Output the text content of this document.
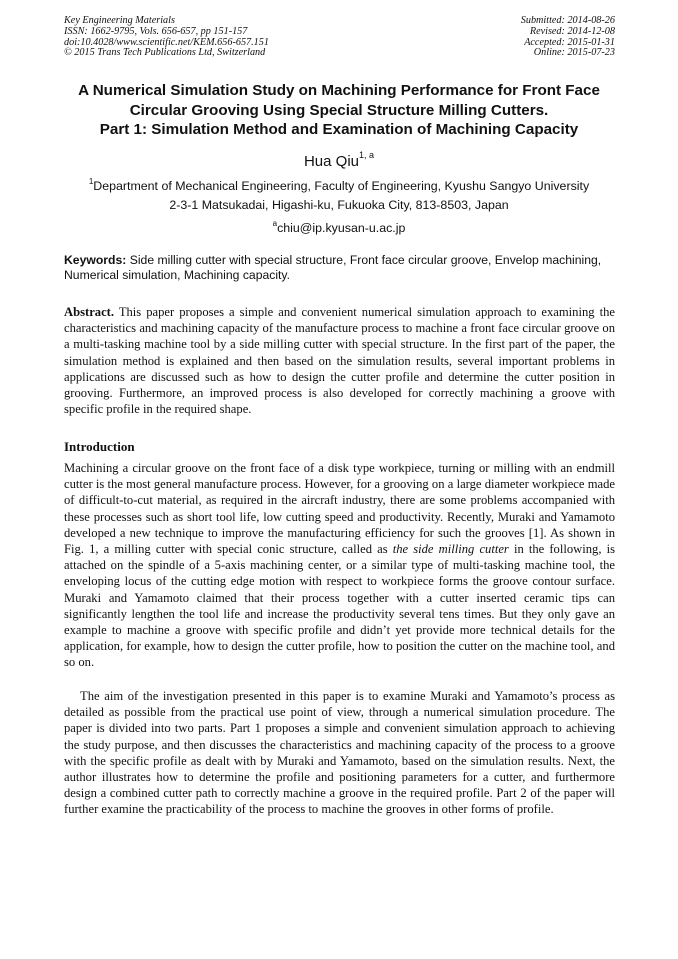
Key Engineering Materials
ISSN: 1662-9795, Vols. 656-657, pp 151-157
doi:10.4028/www.scientific.net/KEM.656-657.151
© 2015 Trans Tech Publications Ltd, Switzerland
Submitted: 2014-08-26
Revised: 2014-12-08
Accepted: 2015-01-31
Online: 2015-07-23
A Numerical Simulation Study on Machining Performance for Front Face
Circular Grooving Using Special Structure Milling Cutters.
Part 1: Simulation Method and Examination of Machining Capacity
Hua Qiu$^{1, a}$
$^1$Department of Mechanical Engineering, Faculty of Engineering, Kyushu Sangyo University
2-3-1 Matsukadai, Higashi-ku, Fukuoka City, 813-8503, Japan
$^a$chiu@ip.kyusan-u.ac.jp
Keywords: Side milling cutter with special structure, Front face circular groove, Envelop machining, Numerical simulation, Machining capacity.

Abstract. This paper proposes a simple and convenient numerical simulation approach to examining the characteristics and machining capacity of the manufacture process to machine a front face circular groove on a multi-tasking machine tool by a side milling cutter with special structure. In the first part of the paper, the simulation method is explained and then based on the simulation results, several important problems in applications are discussed such as how to design the cutter profile and determine the cutter position in grooving. Furthermore, an improved process is also developed for correctly machining a groove with specific profile in the required shape.

Introduction

Machining a circular groove on the front face of a disk type workpiece, turning or milling with an endmill cutter is the most general manufacture process. However, for a grooving on a large diameter workpiece made of difficult-to-cut material, as required in the aircraft industry, there are some problems accompanied with these processes such as short tool life, low cutting speed and productivity. Recently, Muraki and Yamamoto developed a new technique to improve the manufacturing efficiency for such the grooves [1]. As shown in Fig. 1, a milling cutter with special conic structure, called as the side milling cutter in the following, is attached on the spindle of a 5-axis machining center, or a similar type of multi-tasking machine tool, the enveloping locus of the cutting edge motion with respect to workpiece forms the groove contour surface. Muraki and Yamamoto claimed that their process together with a cutter inserted ceramic tips can significantly lengthen the tool life and increase the productivity several tens times. But they only gave an example to machine a groove with specific profile and didn’t yet provide more technical details for the application, for example, how to design the cutter profile, how to position the cutter on the machine tool, and so on.

The aim of the investigation presented in this paper is to examine Muraki and Yamamoto’s process as detailed as possible from the practical use point of view, through a numerical simulation procedure. The paper is divided into two parts. Part 1 proposes a simple and convenient simulation approach to achieving the study purpose, and then discusses the characteristics and machining capacity of the process to a groove with the specific profile as dealt with by Muraki and Yamamoto, based on the simulation results. Next, the author illustrates how to determine the profile and positioning parameters for a cutter, and furthermore design a combined cutter path to correctly machine a groove in the required profile. Part 2 of the paper will further examine the practicability of the process to machine the grooves in other forms of profile.
